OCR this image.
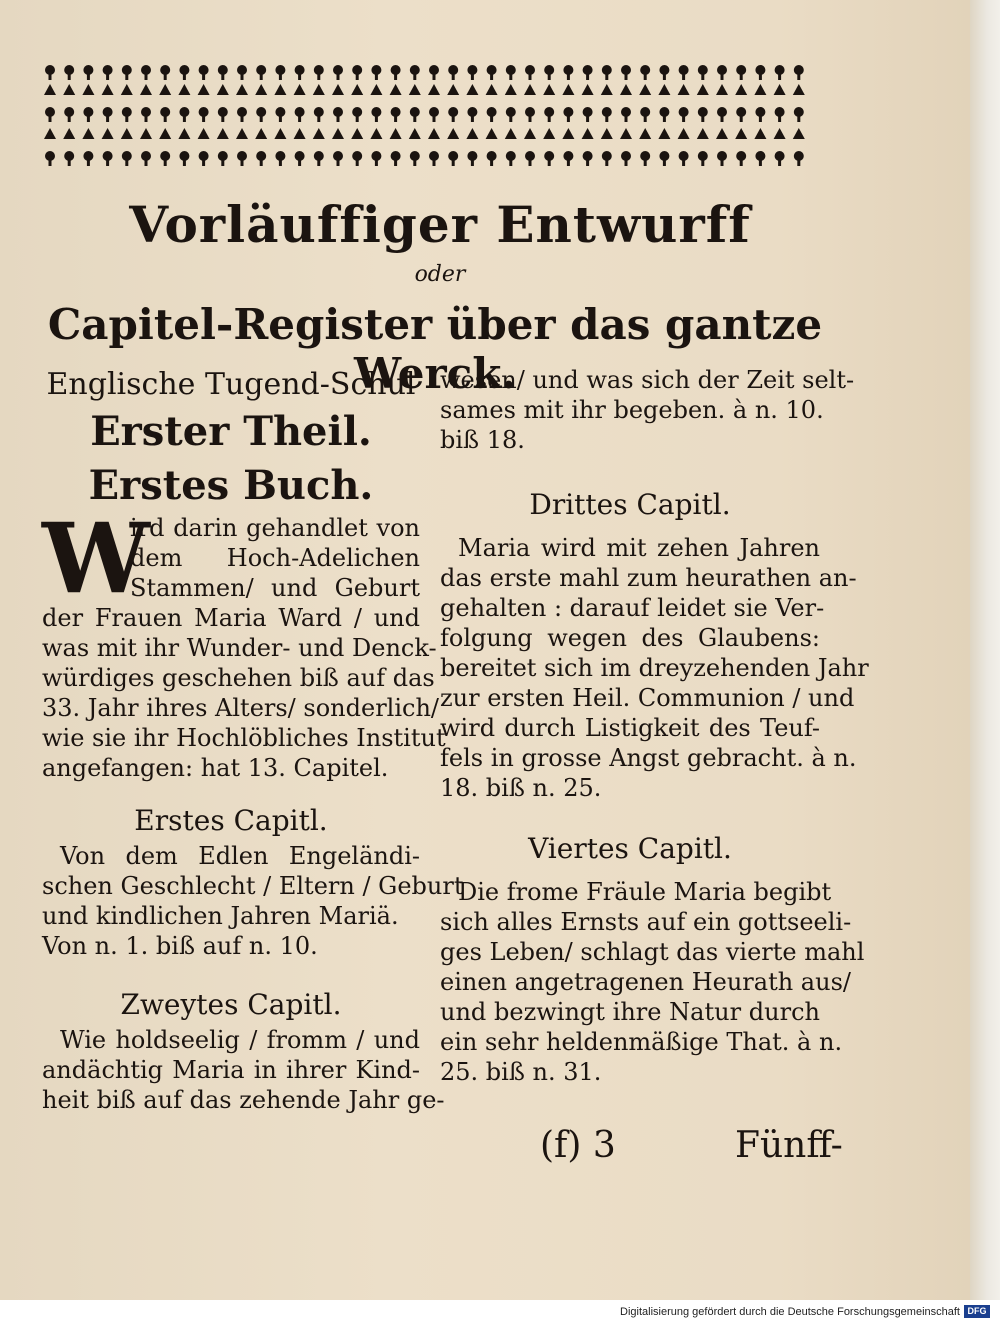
Vorläuffiger Entwurff
oder
Capitel-Register über das gantze Werck.
Englische Tugend-Schul
Erster Theil.
Erstes Buch.
W
ird darin gehandlet von
dem Hoch-Adelichen
Stammen/ und Geburt
der Frauen Maria Ward / und
was mit ihr Wunder- und Denck-
würdiges geschehen biß auf das
33. Jahr ihres Alters/ sonderlich/
wie sie ihr Hochlöbliches Institut
angefangen: hat 13. Capitel.
Erstes Capitl.
Von dem Edlen Engeländi-
schen Geschlecht / Eltern / Geburt
und kindlichen Jahren Mariä.
Von n. 1. biß auf n. 10.
Zweytes Capitl.
Wie holdseelig / fromm / und
andächtig Maria in ihrer Kind-
heit biß auf das zehende Jahr ge-
wesen/ und was sich der Zeit selt-
sames mit ihr begeben. à n. 10.
biß 18.
Drittes Capitl.
Maria wird mit zehen Jahren
das erste mahl zum heurathen an-
gehalten : darauf leidet sie Ver-
folgung wegen des Glaubens:
bereitet sich im dreyzehenden Jahr
zur ersten Heil. Communion / und
wird durch Listigkeit des Teuf-
fels in grosse Angst gebracht. à n.
18. biß n. 25.
Viertes Capitl.
Die frome Fräule Maria begibt
sich alles Ernsts auf ein gottseeli-
ges Leben/ schlagt das vierte mahl
einen angetragenen Heurath aus/
und bezwingt ihre Natur durch
ein sehr heldenmäßige That. à n.
25. biß n. 31.
(f) 3	Fünff-
Digitalisierung gefördert durch die Deutsche Forschungsgemeinschaft DFG
